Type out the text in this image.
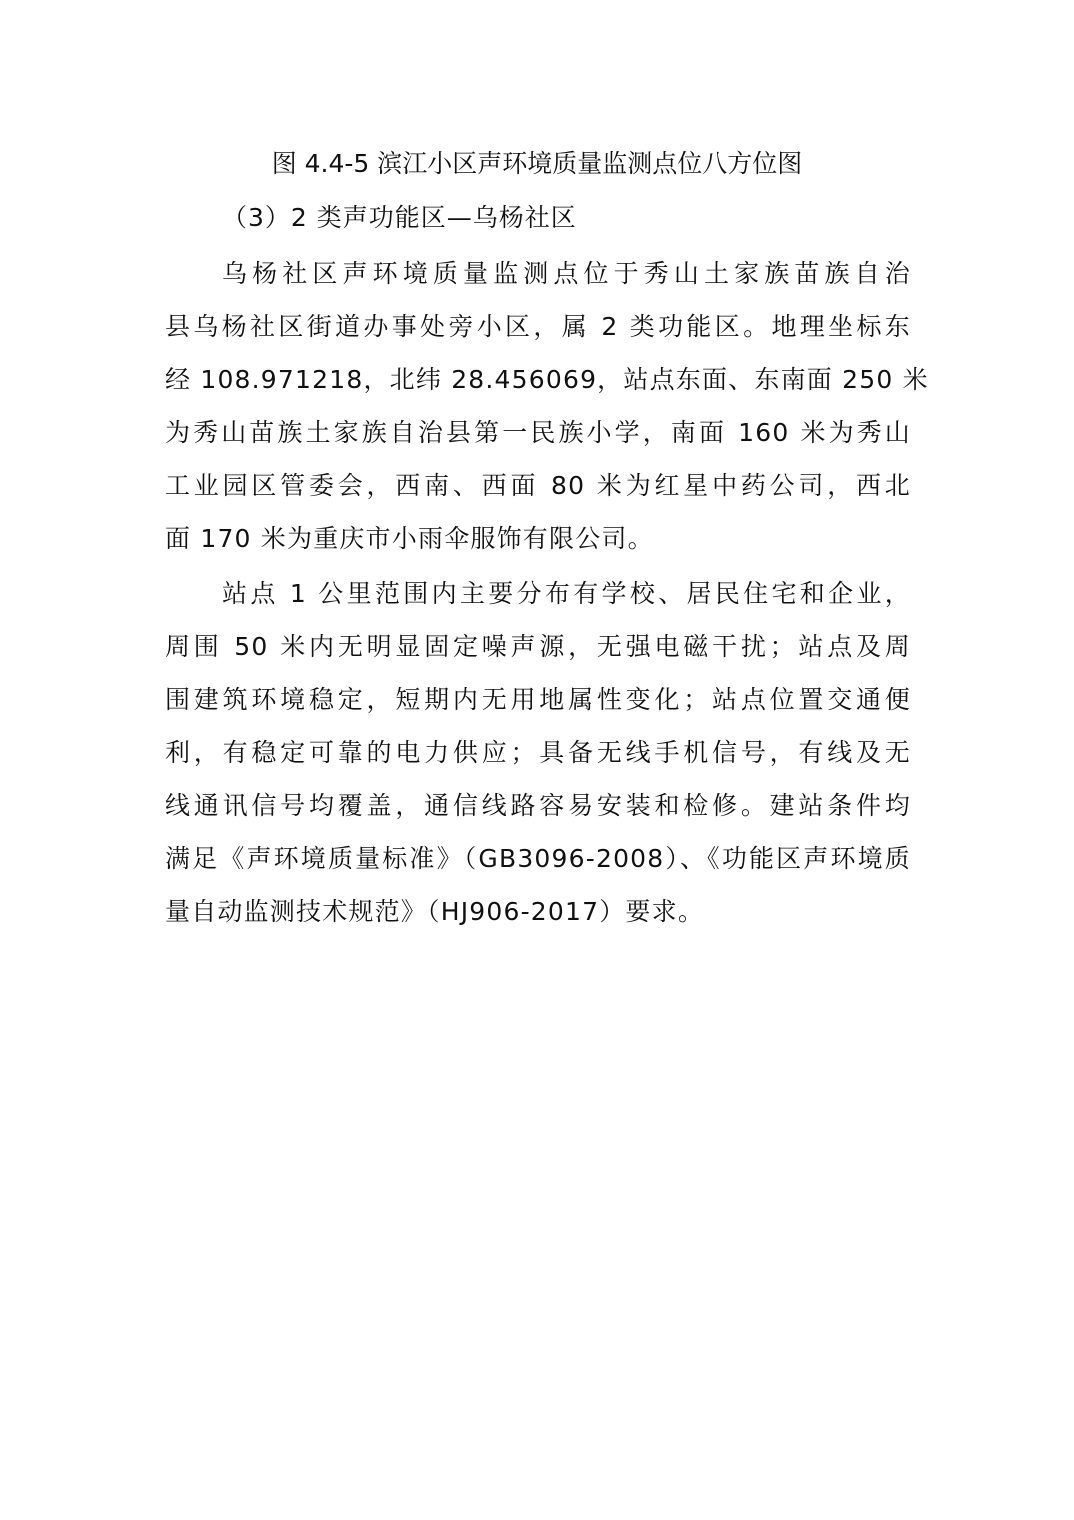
图 4.4-5 滨江小区声环境质量监测点位八方位图
（3）2 类声功能区—乌杨社区
乌杨社区声环境质量监测点位于秀山土家族苗族自治
县乌杨社区街道办事处旁小区，属 2 类功能区。地理坐标东
经 108.971218，北纬 28.456069，站点东面、东南面 250 米
为秀山苗族土家族自治县第一民族小学，南面 160 米为秀山
工业园区管委会，西南、西面 80 米为红星中药公司，西北
面 170 米为重庆市小雨伞服饰有限公司。
站点 1 公里范围内主要分布有学校、居民住宅和企业，
周围 50 米内无明显固定噪声源，无强电磁干扰；站点及周
围建筑环境稳定，短期内无用地属性变化；站点位置交通便
利，有稳定可靠的电力供应；具备无线手机信号，有线及无
线通讯信号均覆盖，通信线路容易安装和检修。建站条件均
满足《声环境质量标准》（GB3096-2008）、《功能区声环境质
量自动监测技术规范》（HJ906-2017）要求。
